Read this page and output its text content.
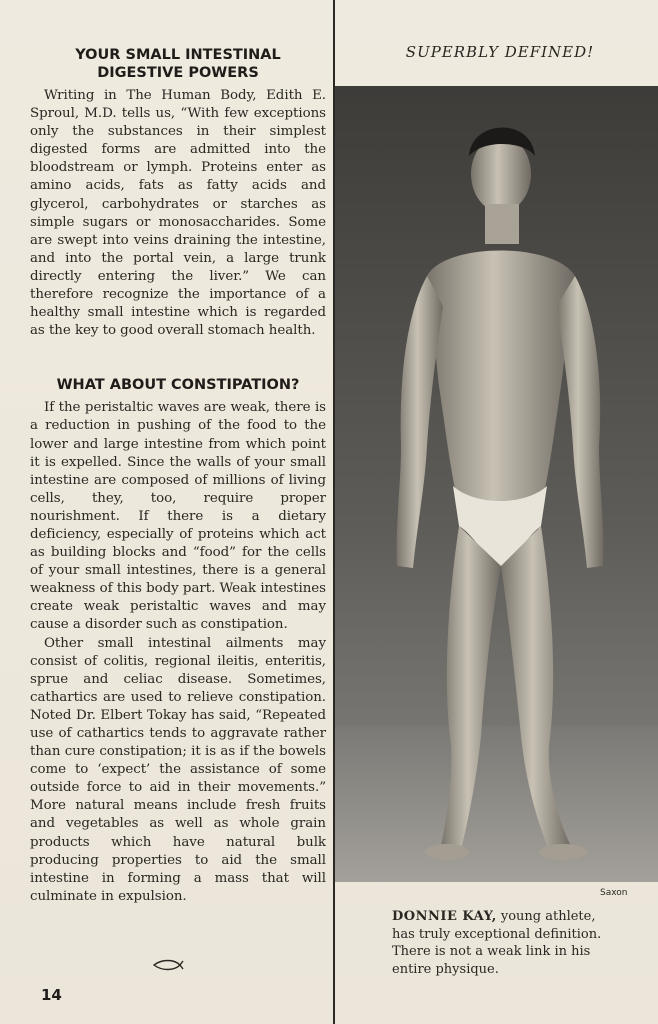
YOUR SMALL INTESTINAL DIGESTIVE POWERS

Writing in The Human Body, Edith E. Sproul, M.D. tells us, “With few exceptions only the substances in their simplest digested forms are admitted into the bloodstream or lymph. Proteins enter as amino acids, fats as fatty acids and glycerol, carbohydrates or starches as simple sugars or monosaccharides. Some are swept into veins draining the intestine, and into the portal vein, a large trunk directly entering the liver.” We can therefore recognize the importance of a healthy small intestine which is regarded as the key to good overall stomach health.

WHAT ABOUT CONSTIPATION?

If the peristaltic waves are weak, there is a reduction in pushing of the food to the lower and large intestine from which point it is expelled. Since the walls of your small intestine are composed of millions of living cells, they, too, require proper nourishment. If there is a dietary deficiency, especially of proteins which act as building blocks and “food” for the cells of your small intestines, there is a general weakness of this body part. Weak intestines create weak peristaltic waves and may cause a disorder such as constipation.

Other small intestinal ailments may consist of colitis, regional ileitis, enteritis, sprue and celiac disease. Sometimes, cathartics are used to relieve constipation. Noted Dr. Elbert Tokay has said, “Repeated use of cathartics tends to aggravate rather than cure constipation; it is as if the bowels come to ‘expect’ the assistance of some outside force to aid in their movements.” More natural means include fresh fruits and vegetables as well as whole grain products which have natural bulk producing properties to aid the small intestine in forming a mass that will culminate in expulsion.

14
SUPERBLY DEFINED!
Saxon

DONNIE KAY, young athlete, has truly exceptional definition. There is not a weak link in his entire physique.
